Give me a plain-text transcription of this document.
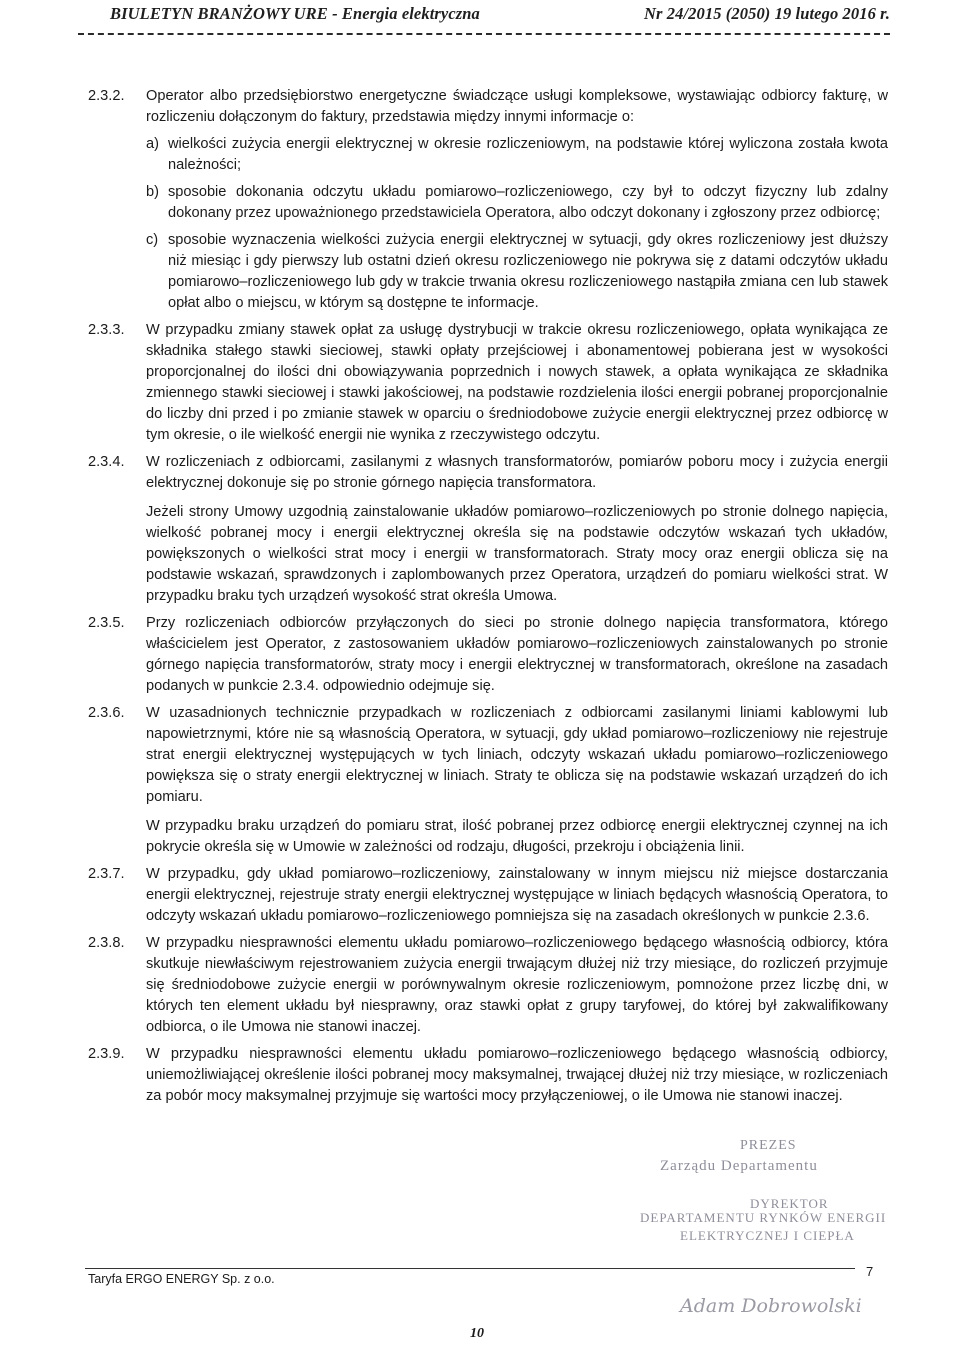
BIULETYN BRANŻOWY URE - Energia elektryczna	Nr 24/2015 (2050) 19 lutego 2016 r.
2.3.2.	Operator albo przedsiębiorstwo energetyczne świadczące usługi kompleksowe, wystawiając odbiorcy fakturę, w rozliczeniu dołączonym do faktury, przedstawia między innymi informacje o:

a) wielkości zużycia energii elektrycznej w okresie rozliczeniowym, na podstawie której wyliczona została kwota należności;
b) sposobie dokonania odczytu układu pomiarowo–rozliczeniowego, czy był to odczyt fizyczny lub zdalny dokonany przez upoważnionego przedstawiciela Operatora, albo odczyt dokonany i zgłoszony przez odbiorcę;
c) sposobie wyznaczenia wielkości zużycia energii elektrycznej w sytuacji, gdy okres rozliczeniowy jest dłuższy niż miesiąc i gdy pierwszy lub ostatni dzień okresu rozliczeniowego nie pokrywa się z datami odczytów układu pomiarowo–rozliczeniowego lub gdy w trakcie trwania okresu rozliczeniowego nastąpiła zmiana cen lub stawek opłat albo o miejscu, w którym są dostępne te informacje.
2.3.3.	W przypadku zmiany stawek opłat za usługę dystrybucji w trakcie okresu rozliczeniowego, opłata wynikająca ze składnika stałego stawki sieciowej, stawki opłaty przejściowej i abonamentowej pobierana jest w wysokości proporcjonalnej do ilości dni obowiązywania poprzednich i nowych stawek, a opłata wynikająca ze składnika zmiennego stawki sieciowej i stawki jakościowej, na podstawie rozdzielenia ilości energii pobranej proporcjonalnie do liczby dni przed i po zmianie stawek w oparciu o średniodobowe zużycie energii elektrycznej przez odbiorcę w tym okresie, o ile wielkość energii nie wynika z rzeczywistego odczytu.

2.3.4.	W rozliczeniach z odbiorcami, zasilanymi z własnych transformatorów, pomiarów poboru mocy i zużycia energii elektrycznej dokonuje się po stronie górnego napięcia transformatora.

Jeżeli strony Umowy uzgodnią zainstalowanie układów pomiarowo–rozliczeniowych po stronie dolnego napięcia, wielkość pobranej mocy i energii elektrycznej określa się na podstawie odczytów wskazań tych układów, powiększonych o wielkości strat mocy i energii w transformatorach. Straty mocy oraz energii oblicza się na podstawie wskazań, sprawdzonych i zaplombowanych przez Operatora, urządzeń do pomiaru wielkości strat. W przypadku braku tych urządzeń wysokość strat określa Umowa.

2.3.5.	Przy rozliczeniach odbiorców przyłączonych do sieci po stronie dolnego napięcia transformatora, którego właścicielem jest Operator, z zastosowaniem układów pomiarowo–rozliczeniowych zainstalowanych po stronie górnego napięcia transformatorów, straty mocy i energii elektrycznej w transformatorach, określone na zasadach podanych w punkcie 2.3.4. odpowiednio odejmuje się.

2.3.6.	W uzasadnionych technicznie przypadkach w rozliczeniach z odbiorcami zasilanymi liniami kablowymi lub napowietrznymi, które nie są własnością Operatora, w sytuacji, gdy układ pomiarowo–rozliczeniowy nie rejestruje strat energii elektrycznej występujących w tych liniach, odczyty wskazań układu pomiarowo–rozliczeniowego powiększa się o straty energii elektrycznej w liniach. Straty te oblicza się na podstawie wskazań urządzeń do ich pomiaru.

W przypadku braku urządzeń do pomiaru strat, ilość pobranej przez odbiorcę energii elektrycznej czynnej na ich pokrycie określa się w Umowie w zależności od rodzaju, długości, przekroju i obciążenia linii.

2.3.7.	W przypadku, gdy układ pomiarowo–rozliczeniowy, zainstalowany w innym miejscu niż miejsce dostarczania energii elektrycznej, rejestruje straty energii elektrycznej występujące w liniach będących własnością Operatora, to odczyty wskazań układu pomiarowo–rozliczeniowego pomniejsza się na zasadach określonych w punkcie 2.3.6.

2.3.8.	W przypadku niesprawności elementu układu pomiarowo–rozliczeniowego będącego własnością odbiorcy, która skutkuje niewłaściwym rejestrowaniem zużycia energii trwającym dłużej niż trzy miesiące, do rozliczeń przyjmuje się średniodobowe zużycie energii w porównywalnym okresie rozliczeniowym, pomnożone przez liczbę dni, w których ten element układu był niesprawny, oraz stawki opłat z grupy taryfowej, do której był zakwalifikowany odbiorca, o ile Umowa nie stanowi inaczej.

2.3.9.	W przypadku niesprawności elementu układu pomiarowo–rozliczeniowego będącego własnością odbiorcy, uniemożliwiającej określenie ilości pobranej mocy maksymalnej, trwającej dłużej niż trzy miesiące, w rozliczeniach za pobór mocy maksymalnej przyjmuje się wartości mocy przyłączeniowej, o ile Umowa nie stanowi inaczej.

PREZES
Zarządu Departamentu
DYREKTOR
DEPARTAMENTU RYNKÓW ENERGII
ELEKTRYCZNEJ I CIEPŁA
Taryfa ERGO ENERGY Sp. z o.o.	7
Adam Dobrowolski
10
